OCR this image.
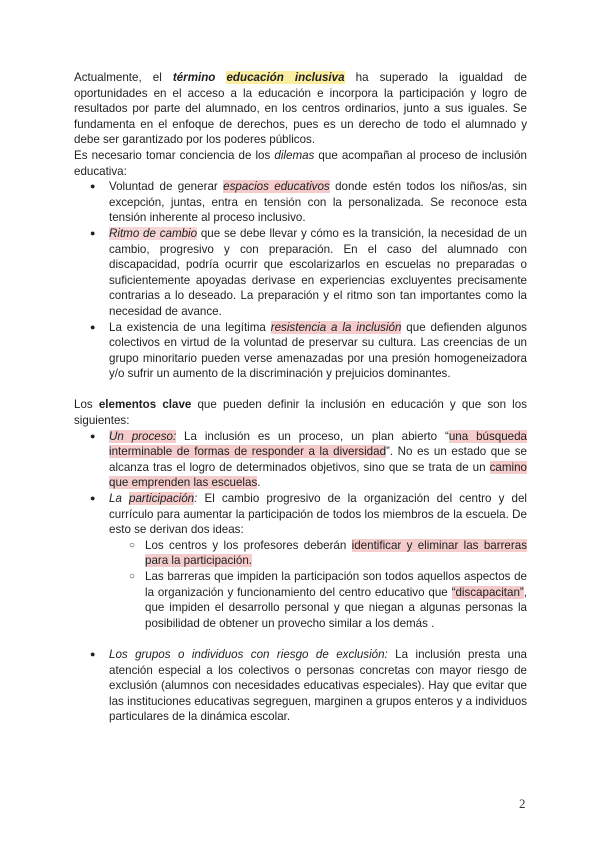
Actualmente, el término educación inclusiva ha superado la igualdad de oportunidades en el acceso a la educación e incorpora la participación y logro de resultados por parte del alumnado, en los centros ordinarios, junto a sus iguales. Se fundamenta en el enfoque de derechos, pues es un derecho de todo el alumnado y debe ser garantizado por los poderes públicos.

Es necesario tomar conciencia de los dilemas que acompañan al proceso de inclusión educativa:

● Voluntad de generar espacios educativos donde estén todos los niños/as, sin excepción, juntas, entra en tensión con la personalizada. Se reconoce esta tensión inherente al proceso inclusivo.
● Ritmo de cambio que se debe llevar y cómo es la transición, la necesidad de un cambio, progresivo y con preparación. En el caso del alumnado con discapacidad, podría ocurrir que escolarizarlos en escuelas no preparadas o suficientemente apoyadas derivase en experiencias excluyentes precisamente contrarias a lo deseado. La preparación y el ritmo son tan importantes como la necesidad de avance.
● La existencia de una legítima resistencia a la inclusión que defienden algunos colectivos en virtud de la voluntad de preservar su cultura. Las creencias de un grupo minoritario pueden verse amenazadas por una presión homogeneizadora y/o sufrir un aumento de la discriminación y prejuicios dominantes.

Los elementos clave que pueden definir la inclusión en educación y que son los siguientes:

● Un proceso: La inclusión es un proceso, un plan abierto “una búsqueda interminable de formas de responder a la diversidad”. No es un estado que se alcanza tras el logro de determinados objetivos, sino que se trata de un camino que emprenden las escuelas.
● La participación: El cambio progresivo de la organización del centro y del currículo para aumentar la participación de todos los miembros de la escuela. De esto se derivan dos ideas:
○ Los centros y los profesores deberán identificar y eliminar las barreras para la participación.
○ Las barreras que impiden la participación son todos aquellos aspectos de la organización y funcionamiento del centro educativo que “discapacitan”, que impiden el desarrollo personal y que niegan a algunas personas la posibilidad de obtener un provecho similar a los demás .
● Los grupos o individuos con riesgo de exclusión: La inclusión presta una atención especial a los colectivos o personas concretas con mayor riesgo de exclusión (alumnos con necesidades educativas especiales). Hay que evitar que las instituciones educativas segreguen, marginen a grupos enteros y a individuos particulares de la dinámica escolar.
2
